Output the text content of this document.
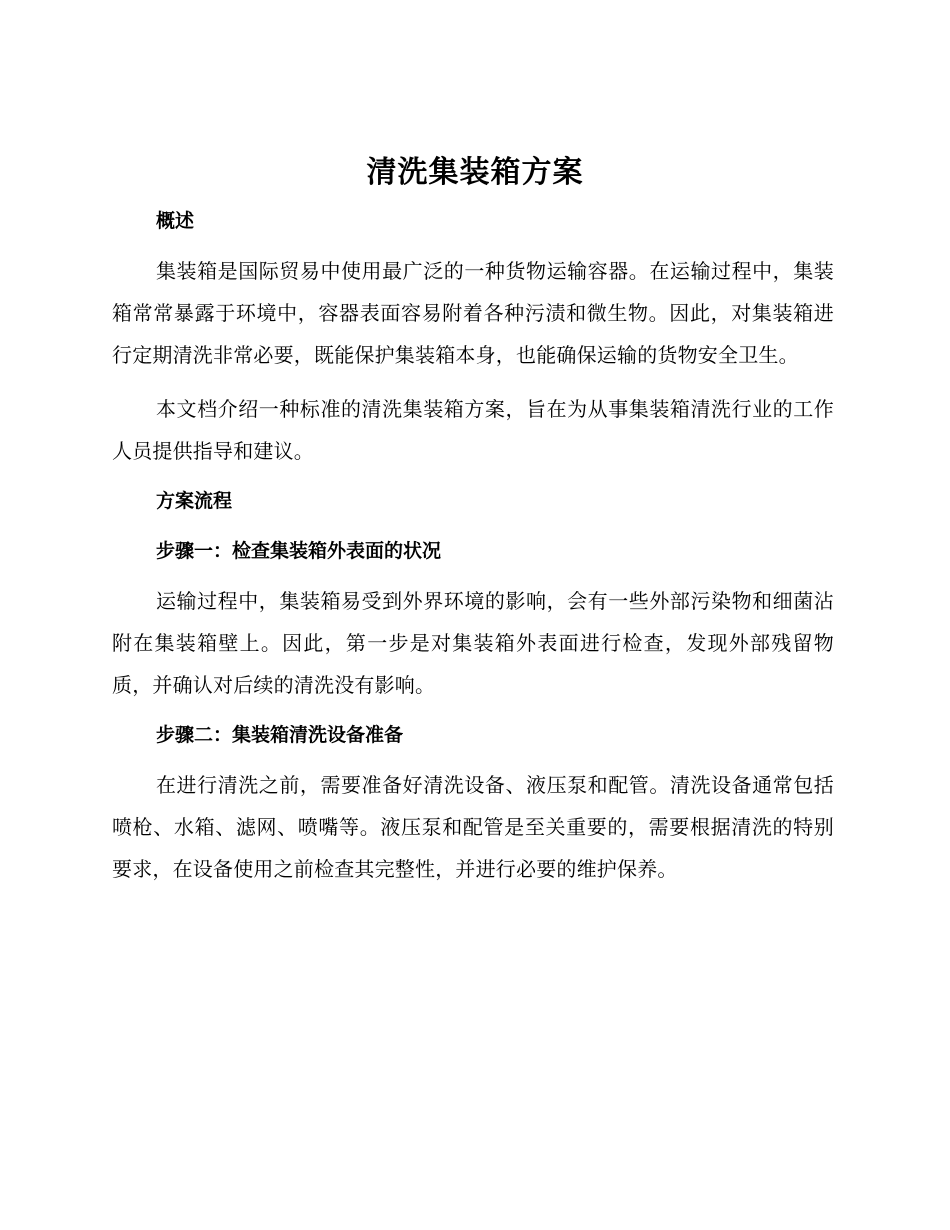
清洗集装箱方案

概述

集装箱是国际贸易中使用最广泛的一种货物运输容器。在运输过程中，集装箱常常暴露于环境中，容器表面容易附着各种污渍和微生物。因此，对集装箱进行定期清洗非常必要，既能保护集装箱本身，也能确保运输的货物安全卫生。

本文档介绍一种标准的清洗集装箱方案，旨在为从事集装箱清洗行业的工作人员提供指导和建议。

方案流程

步骤一：检查集装箱外表面的状况

运输过程中，集装箱易受到外界环境的影响，会有一些外部污染物和细菌沾附在集装箱壁上。因此，第一步是对集装箱外表面进行检查，发现外部残留物质，并确认对后续的清洗没有影响。

步骤二：集装箱清洗设备准备

在进行清洗之前，需要准备好清洗设备、液压泵和配管。清洗设备通常包括喷枪、水箱、滤网、喷嘴等。液压泵和配管是至关重要的，需要根据清洗的特别要求，在设备使用之前检查其完整性，并进行必要的维护保养。
